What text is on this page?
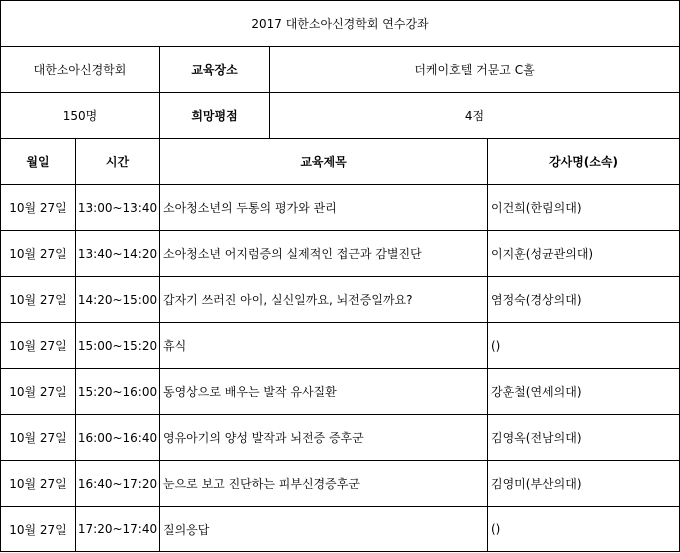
2017 대한소아신경학회 연수강좌				
대한소아신경학회		교육장소	더케이호텔 거문고 C홀	
150명		희망평점	4점	
월일	시간	교육제목		강사명(소속)
10월 27일	13:00~13:40	소아청소년의 두통의 평가와 관리		이건희(한림의대)
10월 27일	13:40~14:20	소아청소년 어지럼증의 실제적인 접근과 감별진단		이지훈(성균관의대)
10월 27일	14:20~15:00	갑자기 쓰러진 아이, 실신일까요, 뇌전증일까요?		염정숙(경상의대)
10월 27일	15:00~15:20	휴식		()
10월 27일	15:20~16:00	동영상으로 배우는 발작 유사질환		강훈철(연세의대)
10월 27일	16:00~16:40	영유아기의 양성 발작과 뇌전증 증후군		김영옥(전남의대)
10월 27일	16:40~17:20	눈으로 보고 진단하는 피부신경증후군		김영미(부산의대)
10월 27일	17:20~17:40	질의응답		()
